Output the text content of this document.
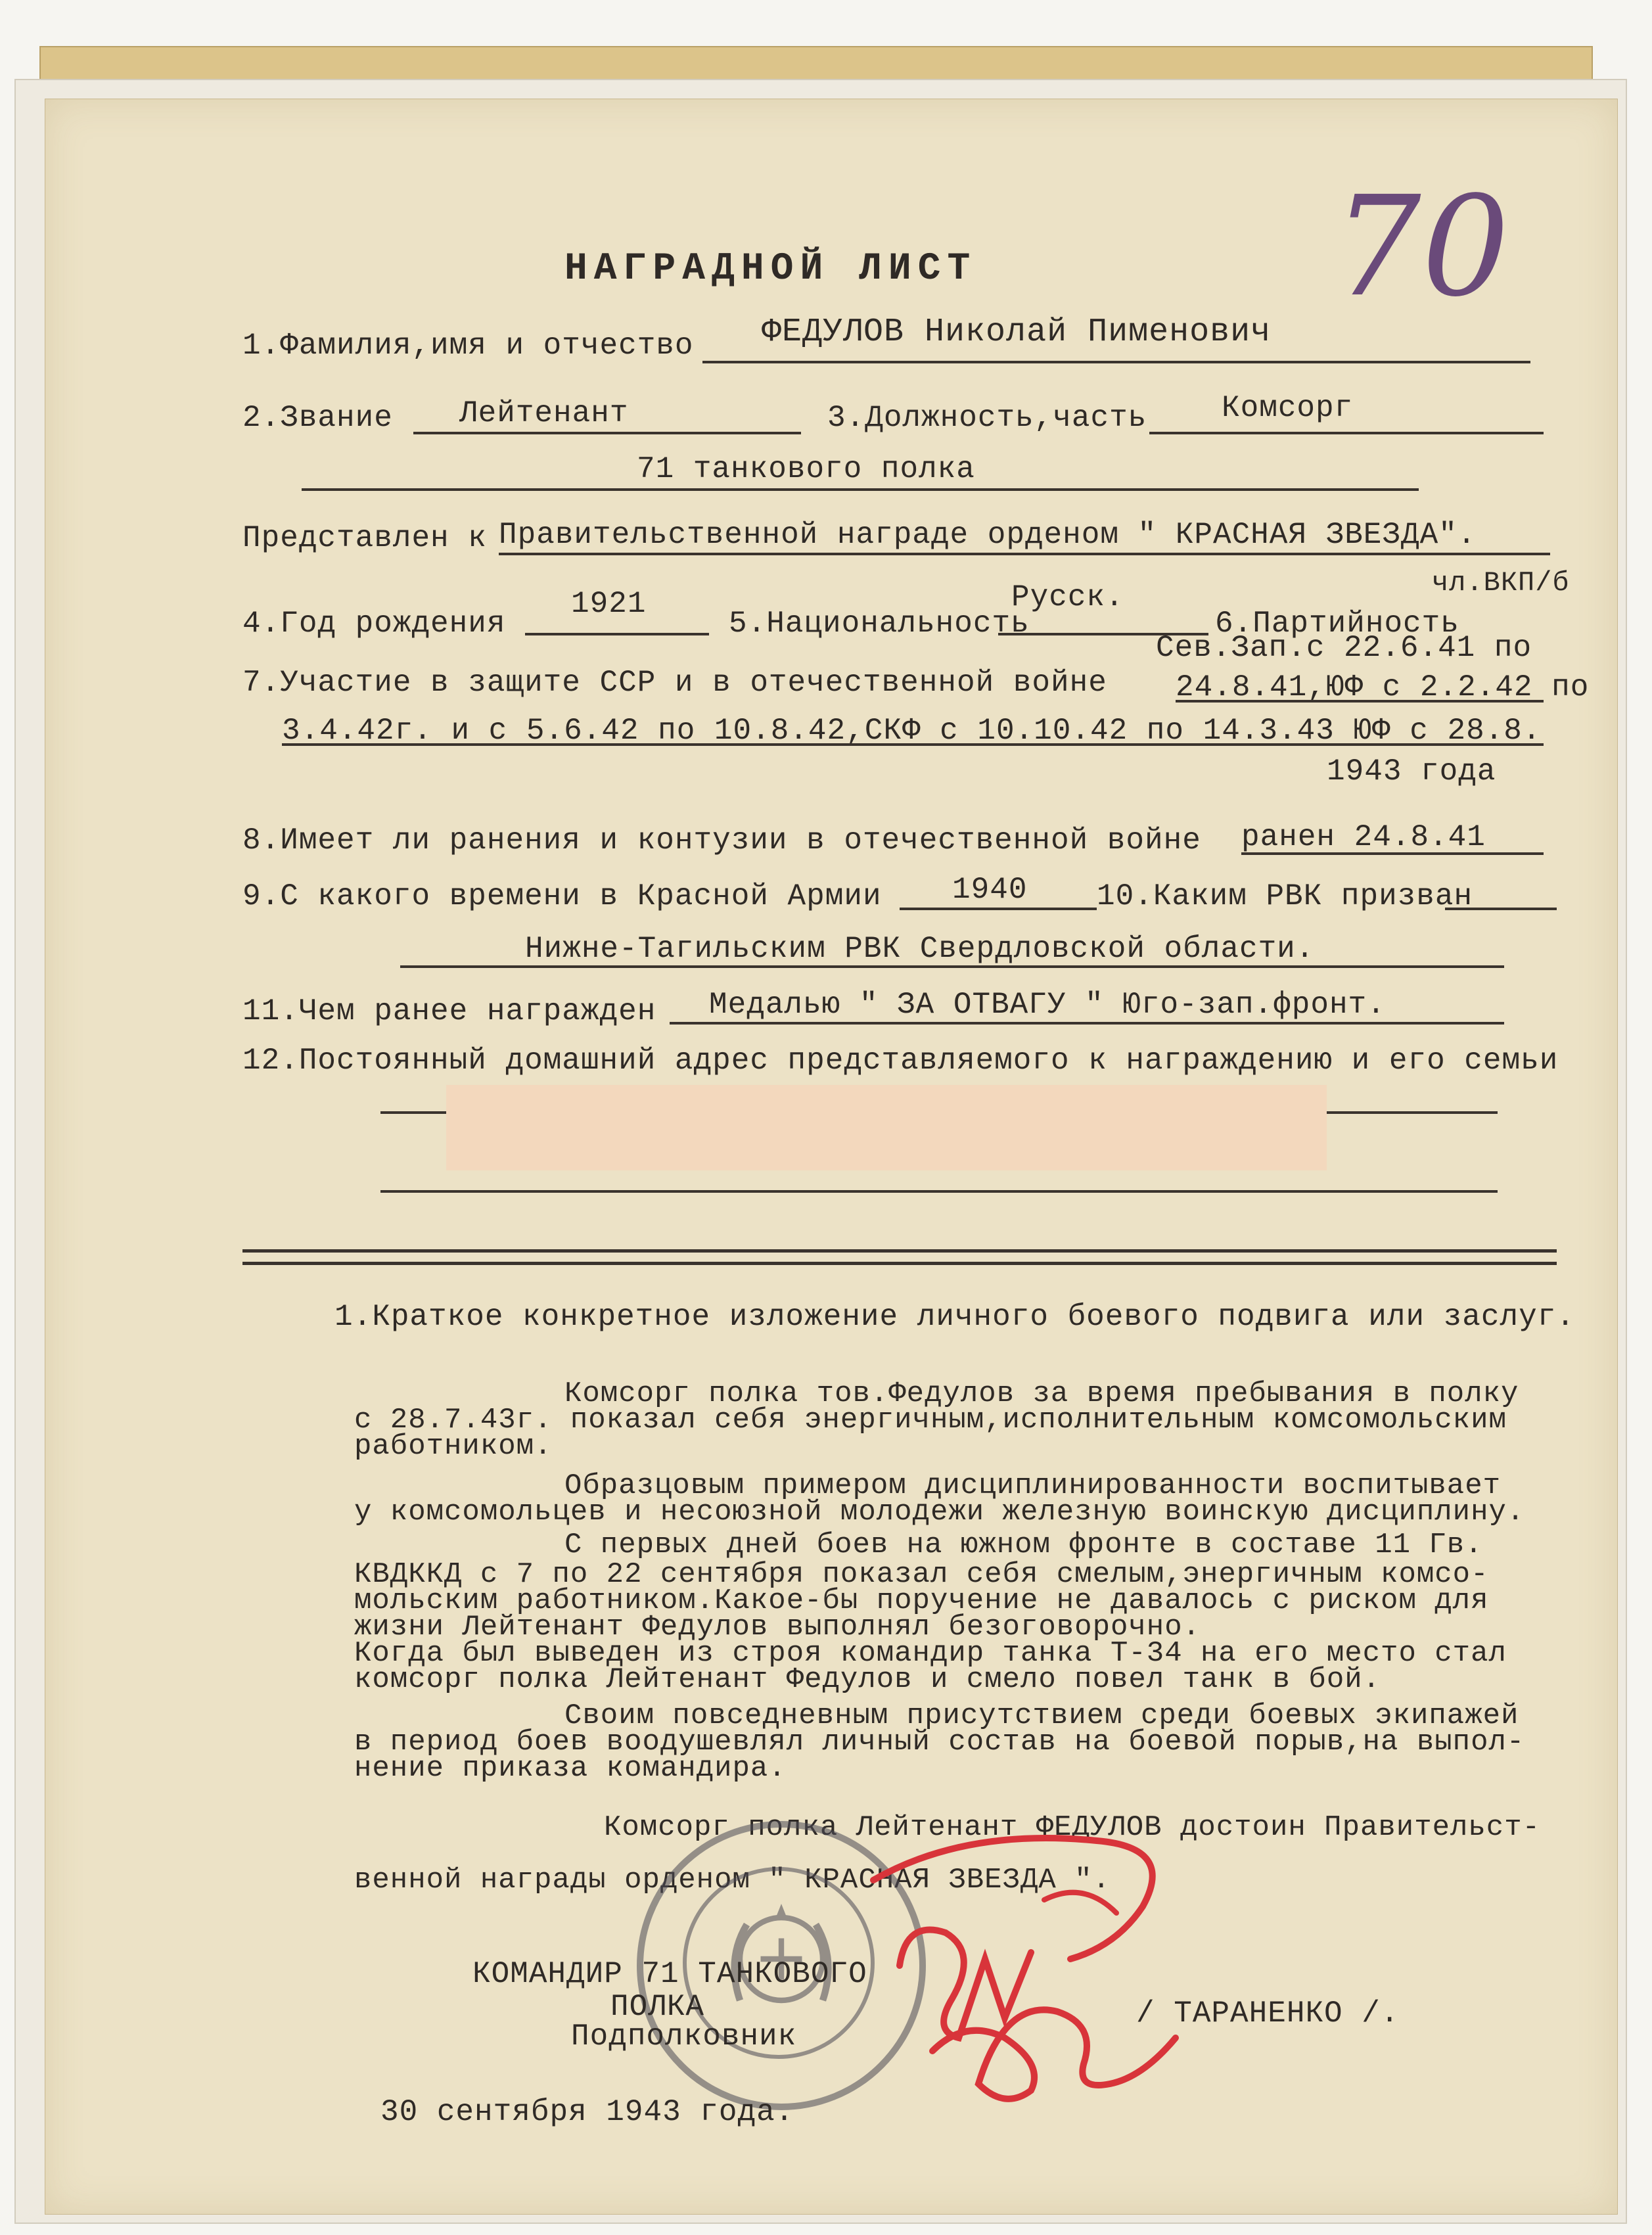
70
НАГРАДНОЙ ЛИСТ
1.Фамилия,имя и отчество ФЕДУЛОВ Николай Пименович
2.Звание Лейтенант	3.Должность,часть Комсорг
71 танкового полка
Представлен к Правительственной награде орденом " КРАСНАЯ ЗВЕЗДА".
4.Год рождения
1921
5.Национальность
Русск.
6.Партийность
чл.ВКП/б
Сев.Зап.с 22.6.41 по
7.Участие в защите ССР и в отечественной войне 24.8.41,ЮФ с 2.2.42 по
3.4.42г. и с 5.6.42 по 10.8.42,СКФ с 10.10.42 по 14.3.43 ЮФ с 28.8.
1943 года
8.Имеет ли ранения и контузии в отечественной войне ранен 24.8.41
9.С какого времени в Красной Армии 1940 10.Каким РВК призван
Нижне-Тагильским РВК Свердловской области.
11.Чем ранее награжден Медалью " ЗА ОТВАГУ " Юго-зап.фронт.
12.Постоянный домашний адрес представляемого к награждению и его семьи
1.Краткое конкретное изложение личного боевого подвига или заслуг.
Комсорг полка тов.Федулов за время пребывания в полку
с 28.7.43г. показал себя энергичным,исполнительным комсомольским
работником.
Образцовым примером дисциплинированности воспитывает
у комсомольцев и несоюзной молодежи железную воинскую дисциплину.
С первых дней боев на южном фронте в составе 11 Гв.
КВДККД с 7 по 22 сентября показал себя смелым,энергичным комсо-
мольским работником.Какое-бы поручение не давалось с риском для
жизни Лейтенант Федулов выполнял безоговорочно.
Когда был выведен из строя командир танка Т-34 на его место стал
комсорг полка Лейтенант Федулов и смело повел танк в бой.
Своим повседневным присутствием среди боевых экипажей
в период боев воодушевлял личный состав на боевой порыв,на выпол-
нение приказа командира.
Комсорг полка Лейтенант ФЕДУЛОВ достоин Правительст-
венной награды орденом " КРАСНАЯ ЗВЕЗДА ".
КОМАНДИР 71 ТАНКОВОГО
ПОЛКА
Подполковник
/ ТАРАНЕНКО /.
30 сентября 1943 года.
